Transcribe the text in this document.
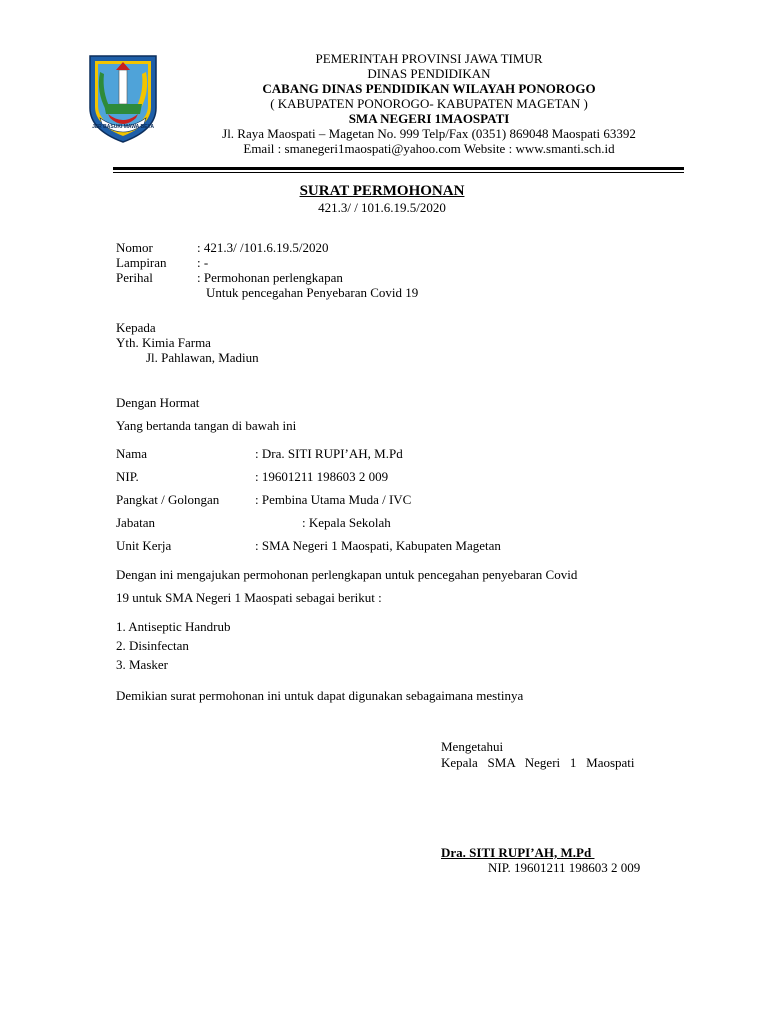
JER BASUKI MAWA BEYA
PEMERINTAH PROVINSI JAWA TIMUR
DINAS PENDIDIKAN
CABANG DINAS PENDIDIKAN WILAYAH PONOROGO
( KABUPATEN PONOROGO- KABUPATEN MAGETAN )
SMA NEGERI 1MAOSPATI
Jl. Raya Maospati – Magetan No. 999 Telp/Fax (0351) 869048 Maospati 63392
Email : smanegeri1maospati@yahoo.com Website : www.smanti.sch.id
SURAT PERMOHONAN
421.3/ / 101.6.19.5/2020
Nomor	: 421.3/ /101.6.19.5/2020
Lampiran : -
Perihal	: Permohonan perlengkapan
Untuk pencegahan Penyebaran Covid 19
Kepada
Yth. Kimia Farma
Jl. Pahlawan, Madiun
Dengan Hormat
Yang bertanda tangan di bawah ini
Nama	: Dra. SITI RUPI’AH, M.Pd
NIP.	: 19601211 198603 2 009
Pangkat / Golongan	: Pembina Utama Muda / IVC
Jabatan	: Kepala Sekolah
Unit Kerja	: SMA Negeri 1 Maospati, Kabupaten Magetan
Dengan ini mengajukan permohonan perlengkapan untuk pencegahan penyebaran Covid
19 untuk SMA Negeri 1 Maospati sebagai berikut :
1. Antiseptic Handrub
2. Disinfectan
3. Masker
Demikian surat permohonan ini untuk dapat digunakan sebagaimana mestinya
Mengetahui
Kepala   SMA   Negeri   1   Maospati
Dra. SITI RUPI’AH, M.Pd
NIP. 19601211 198603 2 009
